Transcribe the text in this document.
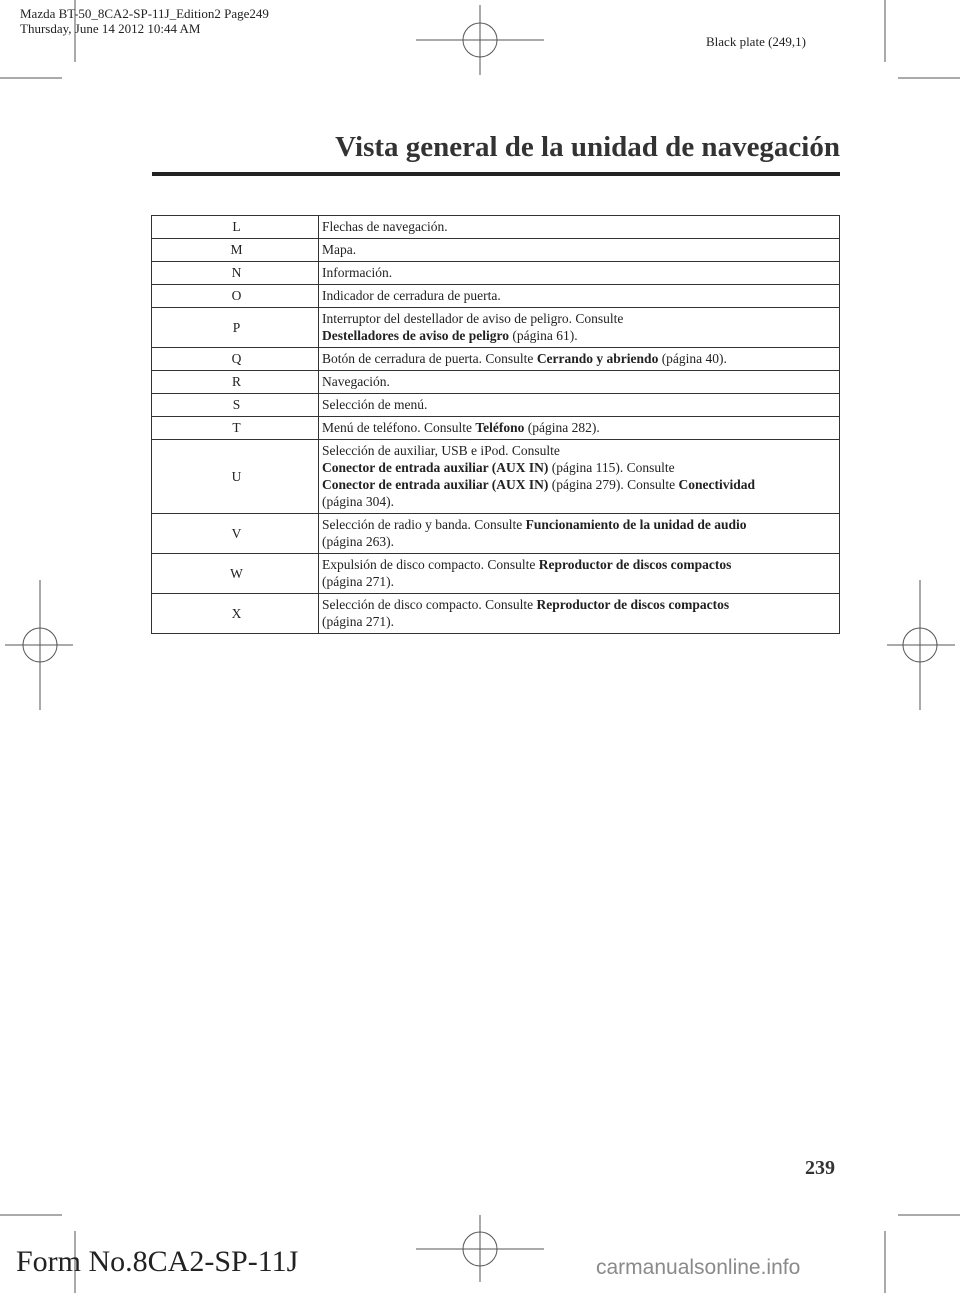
Mazda BT-50_8CA2-SP-11J_Edition2 Page249
Thursday, June 14 2012 10:44 AM
Black plate (249,1)
Vista general de la unidad de navegación
L	Flechas de navegación.

M	Mapa.

N	Información.

O	Indicador de cerradura de puerta.

P	Interruptor del destellador de aviso de peligro. Consulte
Destelladores de aviso de peligro (página 61).

Q	Botón de cerradura de puerta. Consulte Cerrando y abriendo (página 40).

R	Navegación.

S	Selección de menú.

T	Menú de teléfono. Consulte Teléfono (página 282).

U	Selección de auxiliar, USB e iPod. Consulte
Conector de entrada auxiliar (AUX IN) (página 115). Consulte
Conector de entrada auxiliar (AUX IN) (página 279). Consulte Conectividad
(página 304).

V	Selección de radio y banda. Consulte Funcionamiento de la unidad de audio
(página 263).

W	Expulsión de disco compacto. Consulte Reproductor de discos compactos
(página 271).

X	Selección de disco compacto. Consulte Reproductor de discos compactos
(página 271).
239
Form No.8CA2-SP-11J	carmanualsonline.info
